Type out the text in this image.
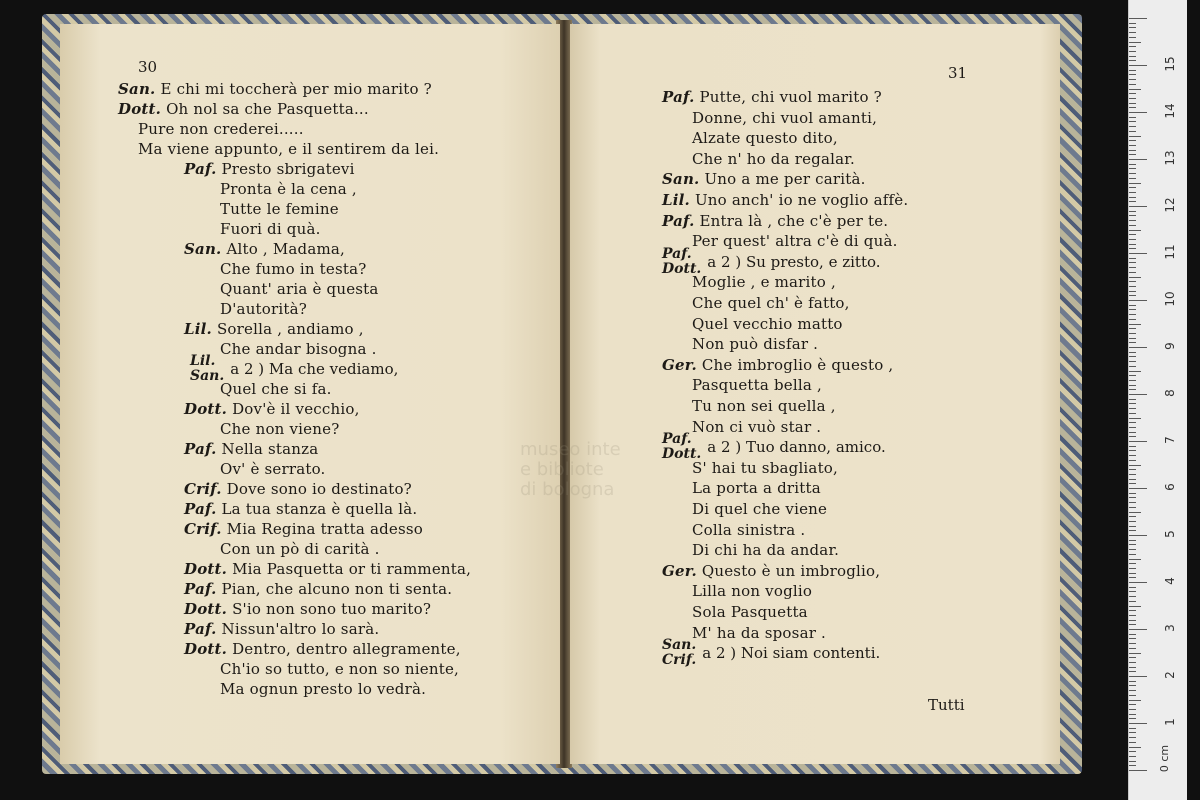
30
San. E chi mi toccherà per mio marito ?
Dott. Oh nol sa che Pasquetta...
Pure non crederei.....
Ma viene appunto, e il sentirem da lei.
Paf. Presto sbrigatevi
Pronta è la cena ,
Tutte le femine
Fuori di quà.
San. Alto , Madama,
Che fumo in testa?
Quant' aria è questa
D'autorità?
Lil. Sorella , andiamo ,
Che andar bisogna .
Lil.
San. a 2 ) Ma che vediamo,
Quel che si fa.
Dott. Dov'è il vecchio,
Che non viene?
Paf. Nella stanza
Ov' è serrato.
Crif. Dove sono io destinato?
Paf. La tua stanza è quella là.
Crif. Mia Regina tratta adesso
Con un pò di carità .
Dott. Mia Pasquetta or ti rammenta,
Paf. Pian, che alcuno non ti senta.
Dott. S'io non sono tuo marito?
Paf. Nissun'altro lo sarà.
Dott. Dentro, dentro allegramente,
Ch'io so tutto, e non so niente,
Ma ognun presto lo vedrà.
31
Tutti
Paf. Putte, chi vuol marito ?
Donne, chi vuol amanti,
Alzate questo dito,
Che n' ho da regalar.
San. Uno a me per carità.
Lil. Uno anch' io ne voglio affè.
Paf. Entra là , che c'è per te.
Per quest' altra c'è di quà.
Paf.
Dott. a 2 ) Su presto, e zitto.
Moglie , e marito ,
Che quel ch' è fatto,
Quel vecchio matto
Non può disfar .
Ger. Che imbroglio è questo ,
Pasquetta bella ,
Tu non sei quella ,
Non ci vuò star .
Paf.
Dott. a 2 ) Tuo danno, amico.
S' hai tu sbagliato,
La porta a dritta
Di quel che viene
Colla sinistra .
Di chi ha da andar.
Ger. Questo è un imbroglio,
Lilla non voglio
Sola Pasquetta
M' ha da sposar .
San.
Crif. a 2 ) Noi siam contenti.
museo inte
e bibliote
di bologna
0 cm
1
2
3
4
5
6
7
8
9
10
11
12
13
14
15
